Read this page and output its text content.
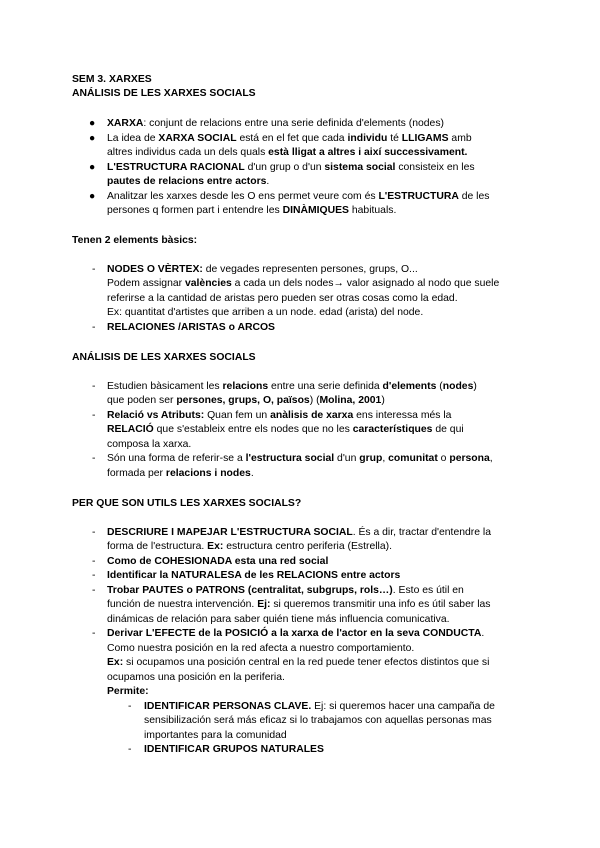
SEM 3. XARXES
ANÁLISIS DE LES XARXES SOCIALS
● XARXA: conjunt de relacions entre una serie definida d'elements (nodes)
● La idea de XARXA SOCIAL está en el fet que cada individu té LLIGAMS amb
altres individus cada un dels quals està lligat a altres i així successivament.
● L'ESTRUCTURA RACIONAL d'un grup o d'un sistema social consisteix en les
pautes de relacions entre actors.
● Analitzar les xarxes desde les O ens permet veure com és L'ESTRUCTURA de les
persones q formen part i entendre les DINÀMIQUES habituals.
Tenen 2 elements bàsics:
- NODES O VÈRTEX: de vegades representen persones, grups, O...
Podem assignar valències a cada un dels nodes→ valor asignado al nodo que suele
referirse a la cantidad de aristas pero pueden ser otras cosas como la edad.
Ex: quantitat d'artistes que arriben a un node. edad (arista) del node.
- RELACIONES /ARISTAS o ARCOS
ANÁLISIS DE LES XARXES SOCIALS
- Estudien bàsicament les relacions entre una serie definida d'elements (nodes)
que poden ser persones, grups, O, països) (Molina, 2001)
- Relació vs Atributs: Quan fem un anàlisis de xarxa ens interessa més la
RELACIÓ que s'estableix entre els nodes que no les característiques de qui
composa la xarxa.
- Són una forma de referir-se a l'estructura social d'un grup, comunitat o persona,
formada per relacions i nodes.
PER QUE SON UTILS LES XARXES SOCIALS?
- DESCRIURE I MAPEJAR L'ESTRUCTURA SOCIAL. És a dir, tractar d'entendre la
forma de l'estructura. Ex: estructura centro periferia (Estrella).
- Como de COHESIONADA esta una red social
- Identificar la NATURALESA de les RELACIONS entre actors
- Trobar PAUTES o PATRONS (centralitat, subgrups, rols…). Esto es útil en
función de nuestra intervención. Ej: si queremos transmitir una info es útil saber las
dinámicas de relación para saber quién tiene más influencia comunicativa.
- Derivar L'EFECTE de la POSICIÓ a la xarxa de l'actor en la seva CONDUCTA.
Como nuestra posición en la red afecta a nuestro comportamiento.
Ex: si ocupamos una posición central en la red puede tener efectos distintos que si
ocupamos una posición en la periferia.
Permite:
- IDENTIFICAR PERSONAS CLAVE. Ej: si queremos hacer una campaña de
sensibilización será más eficaz si lo trabajamos con aquellas personas mas
importantes para la comunidad
- IDENTIFICAR GRUPOS NATURALES
